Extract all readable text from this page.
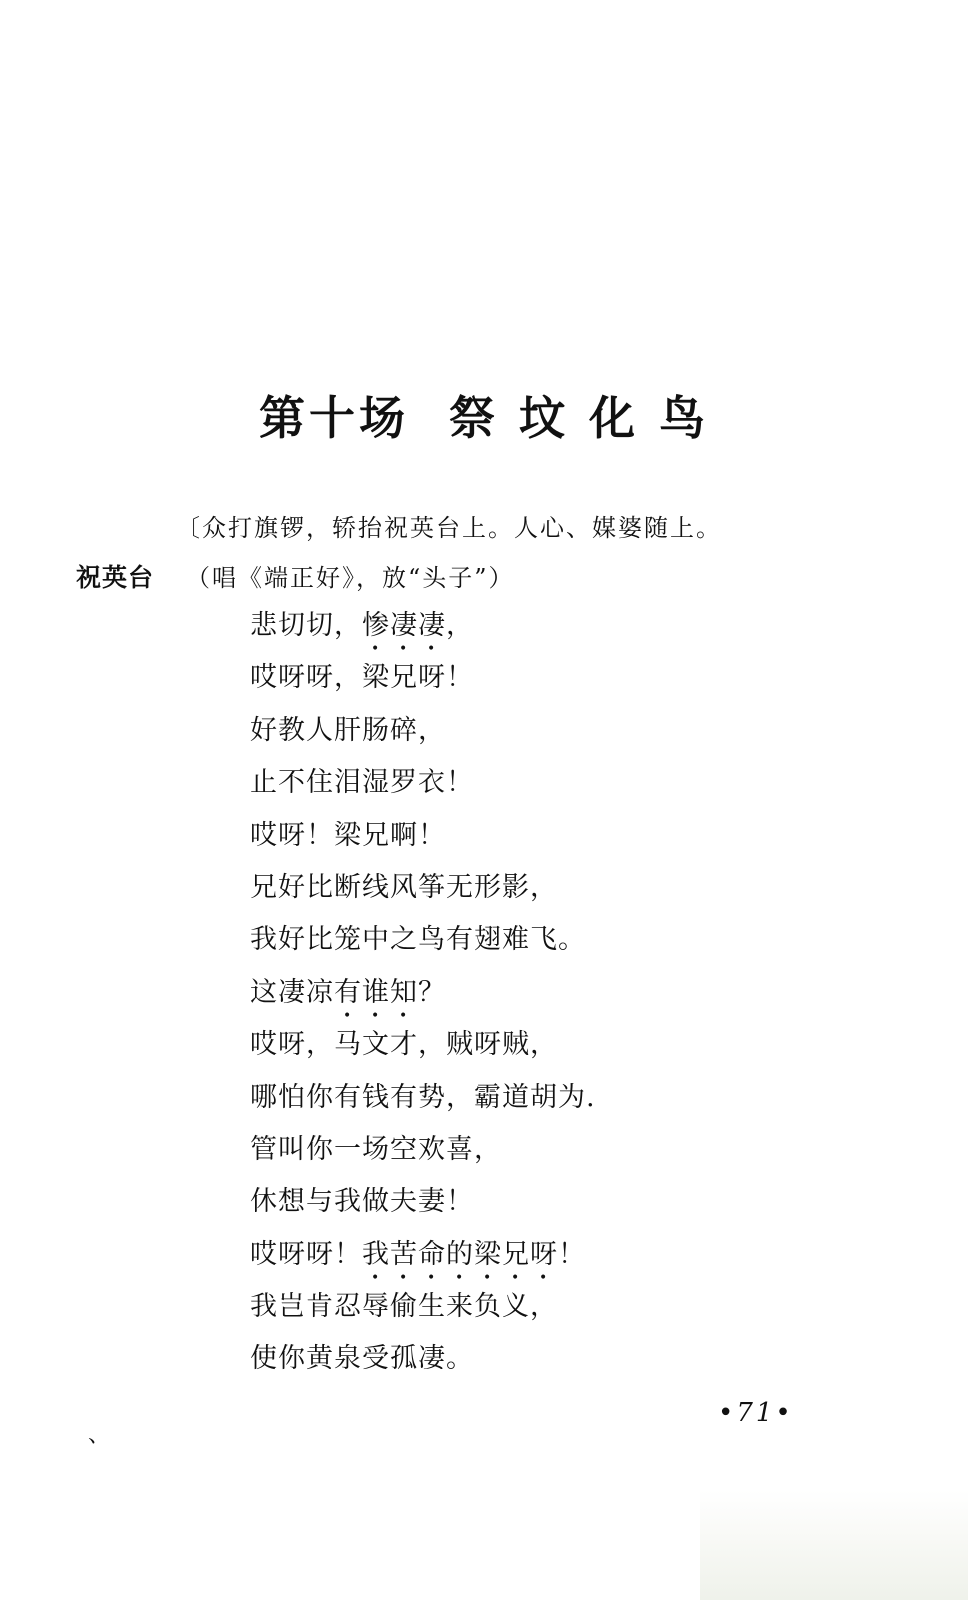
第十场  祭 坟 化 鸟
〔众打旗锣，轿抬祝英台上。人心、媒婆随上。
祝英台 （唱《端正好》，放“头子”）
悲切切，惨凄凄，
哎呀呀，梁兄呀！
好教人肝肠碎，
止不住泪湿罗衣！
哎呀！梁兄啊！
兄好比断线风筝无形影，
我好比笼中之鸟有翅难飞。
这凄凉有谁知？
哎呀，马文才，贼呀贼，
哪怕你有钱有势，霸道胡为.
管叫你一场空欢喜，
休想与我做夫妻！
哎呀呀！我苦命的梁兄呀！
我岂肯忍辱偷生来负义，
使你黄泉受孤凄。
•71•
、
